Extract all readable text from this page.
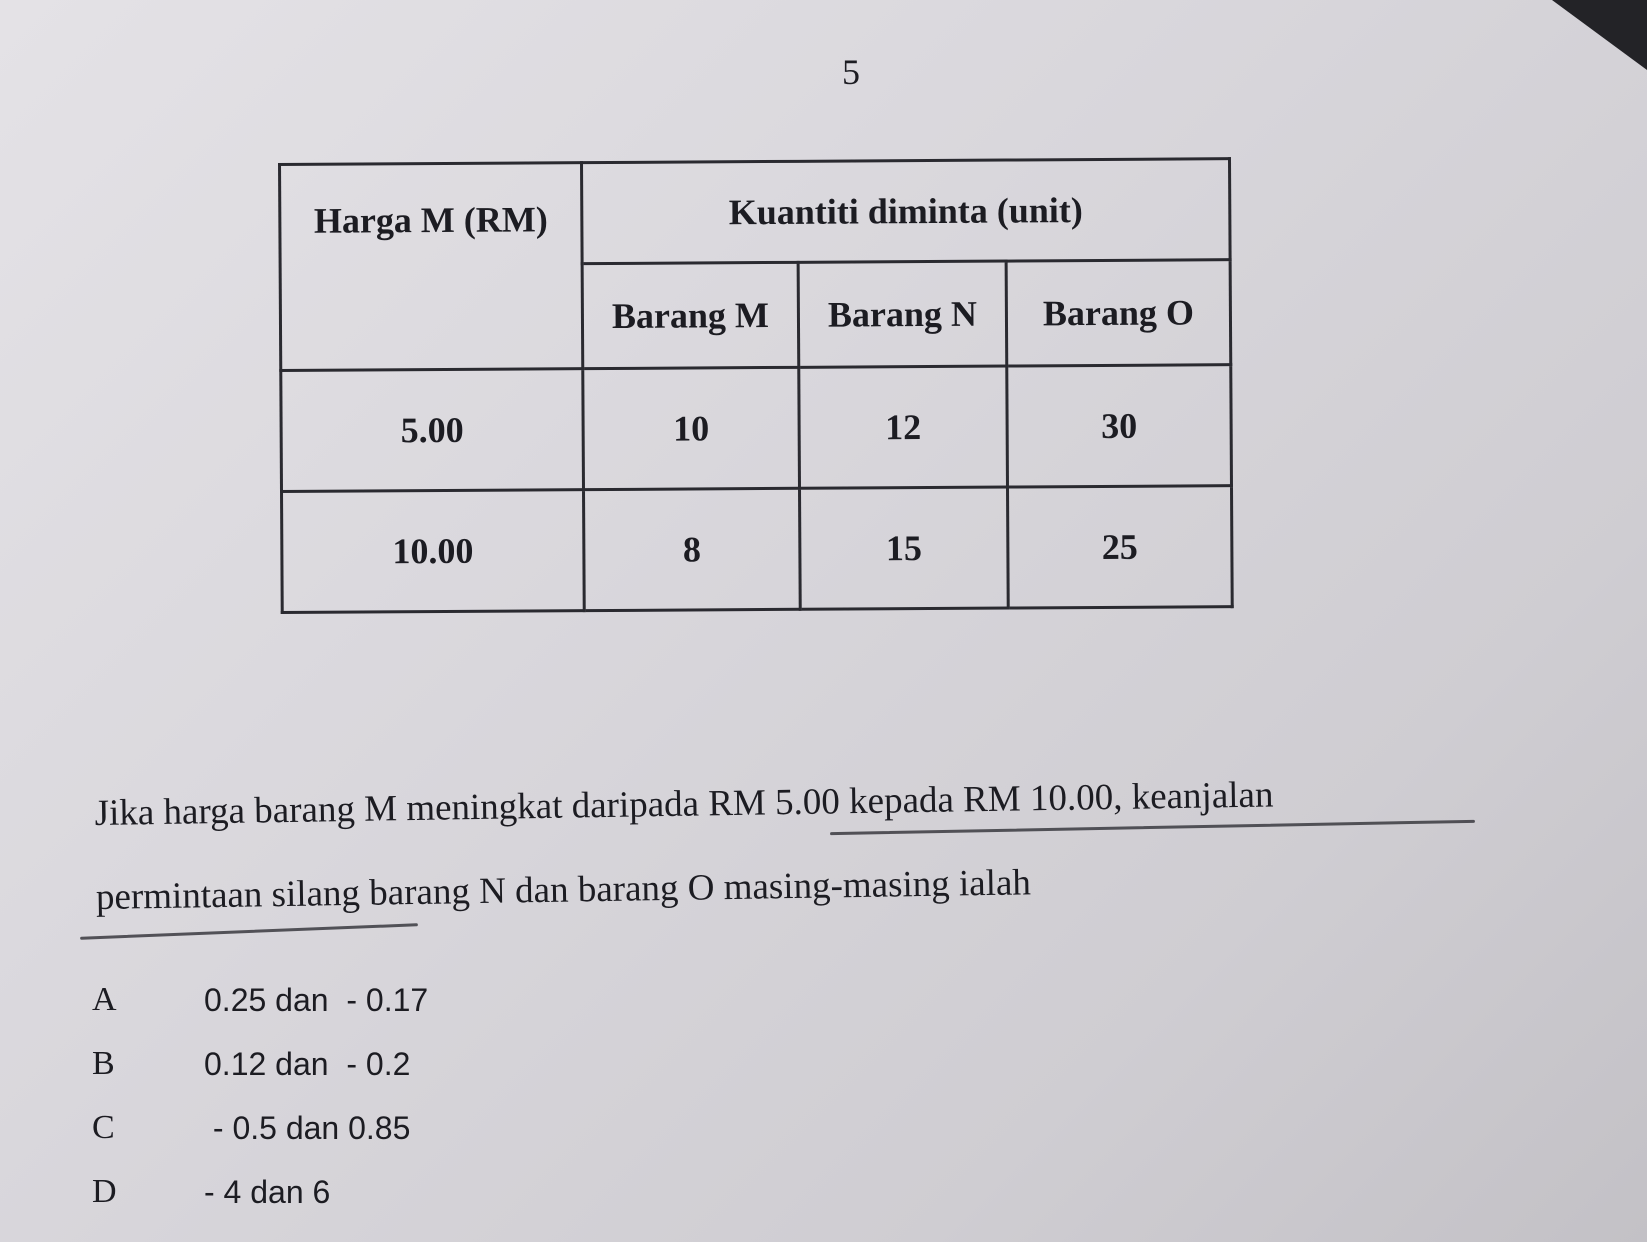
5
Harga M (RM)	Kuantiti diminta (unit)		
	Barang M	Barang N	Barang O
5.00	10	12	30
10.00	8	15	25
Jika harga barang M meningkat daripada RM 5.00 kepada RM 10.00, keanjalan
permintaan silang barang N dan barang O masing-masing ialah
A	0.25 dan  - 0.17
B	0.12 dan  - 0.2
C	- 0.5 dan 0.85
D	- 4 dan 6
